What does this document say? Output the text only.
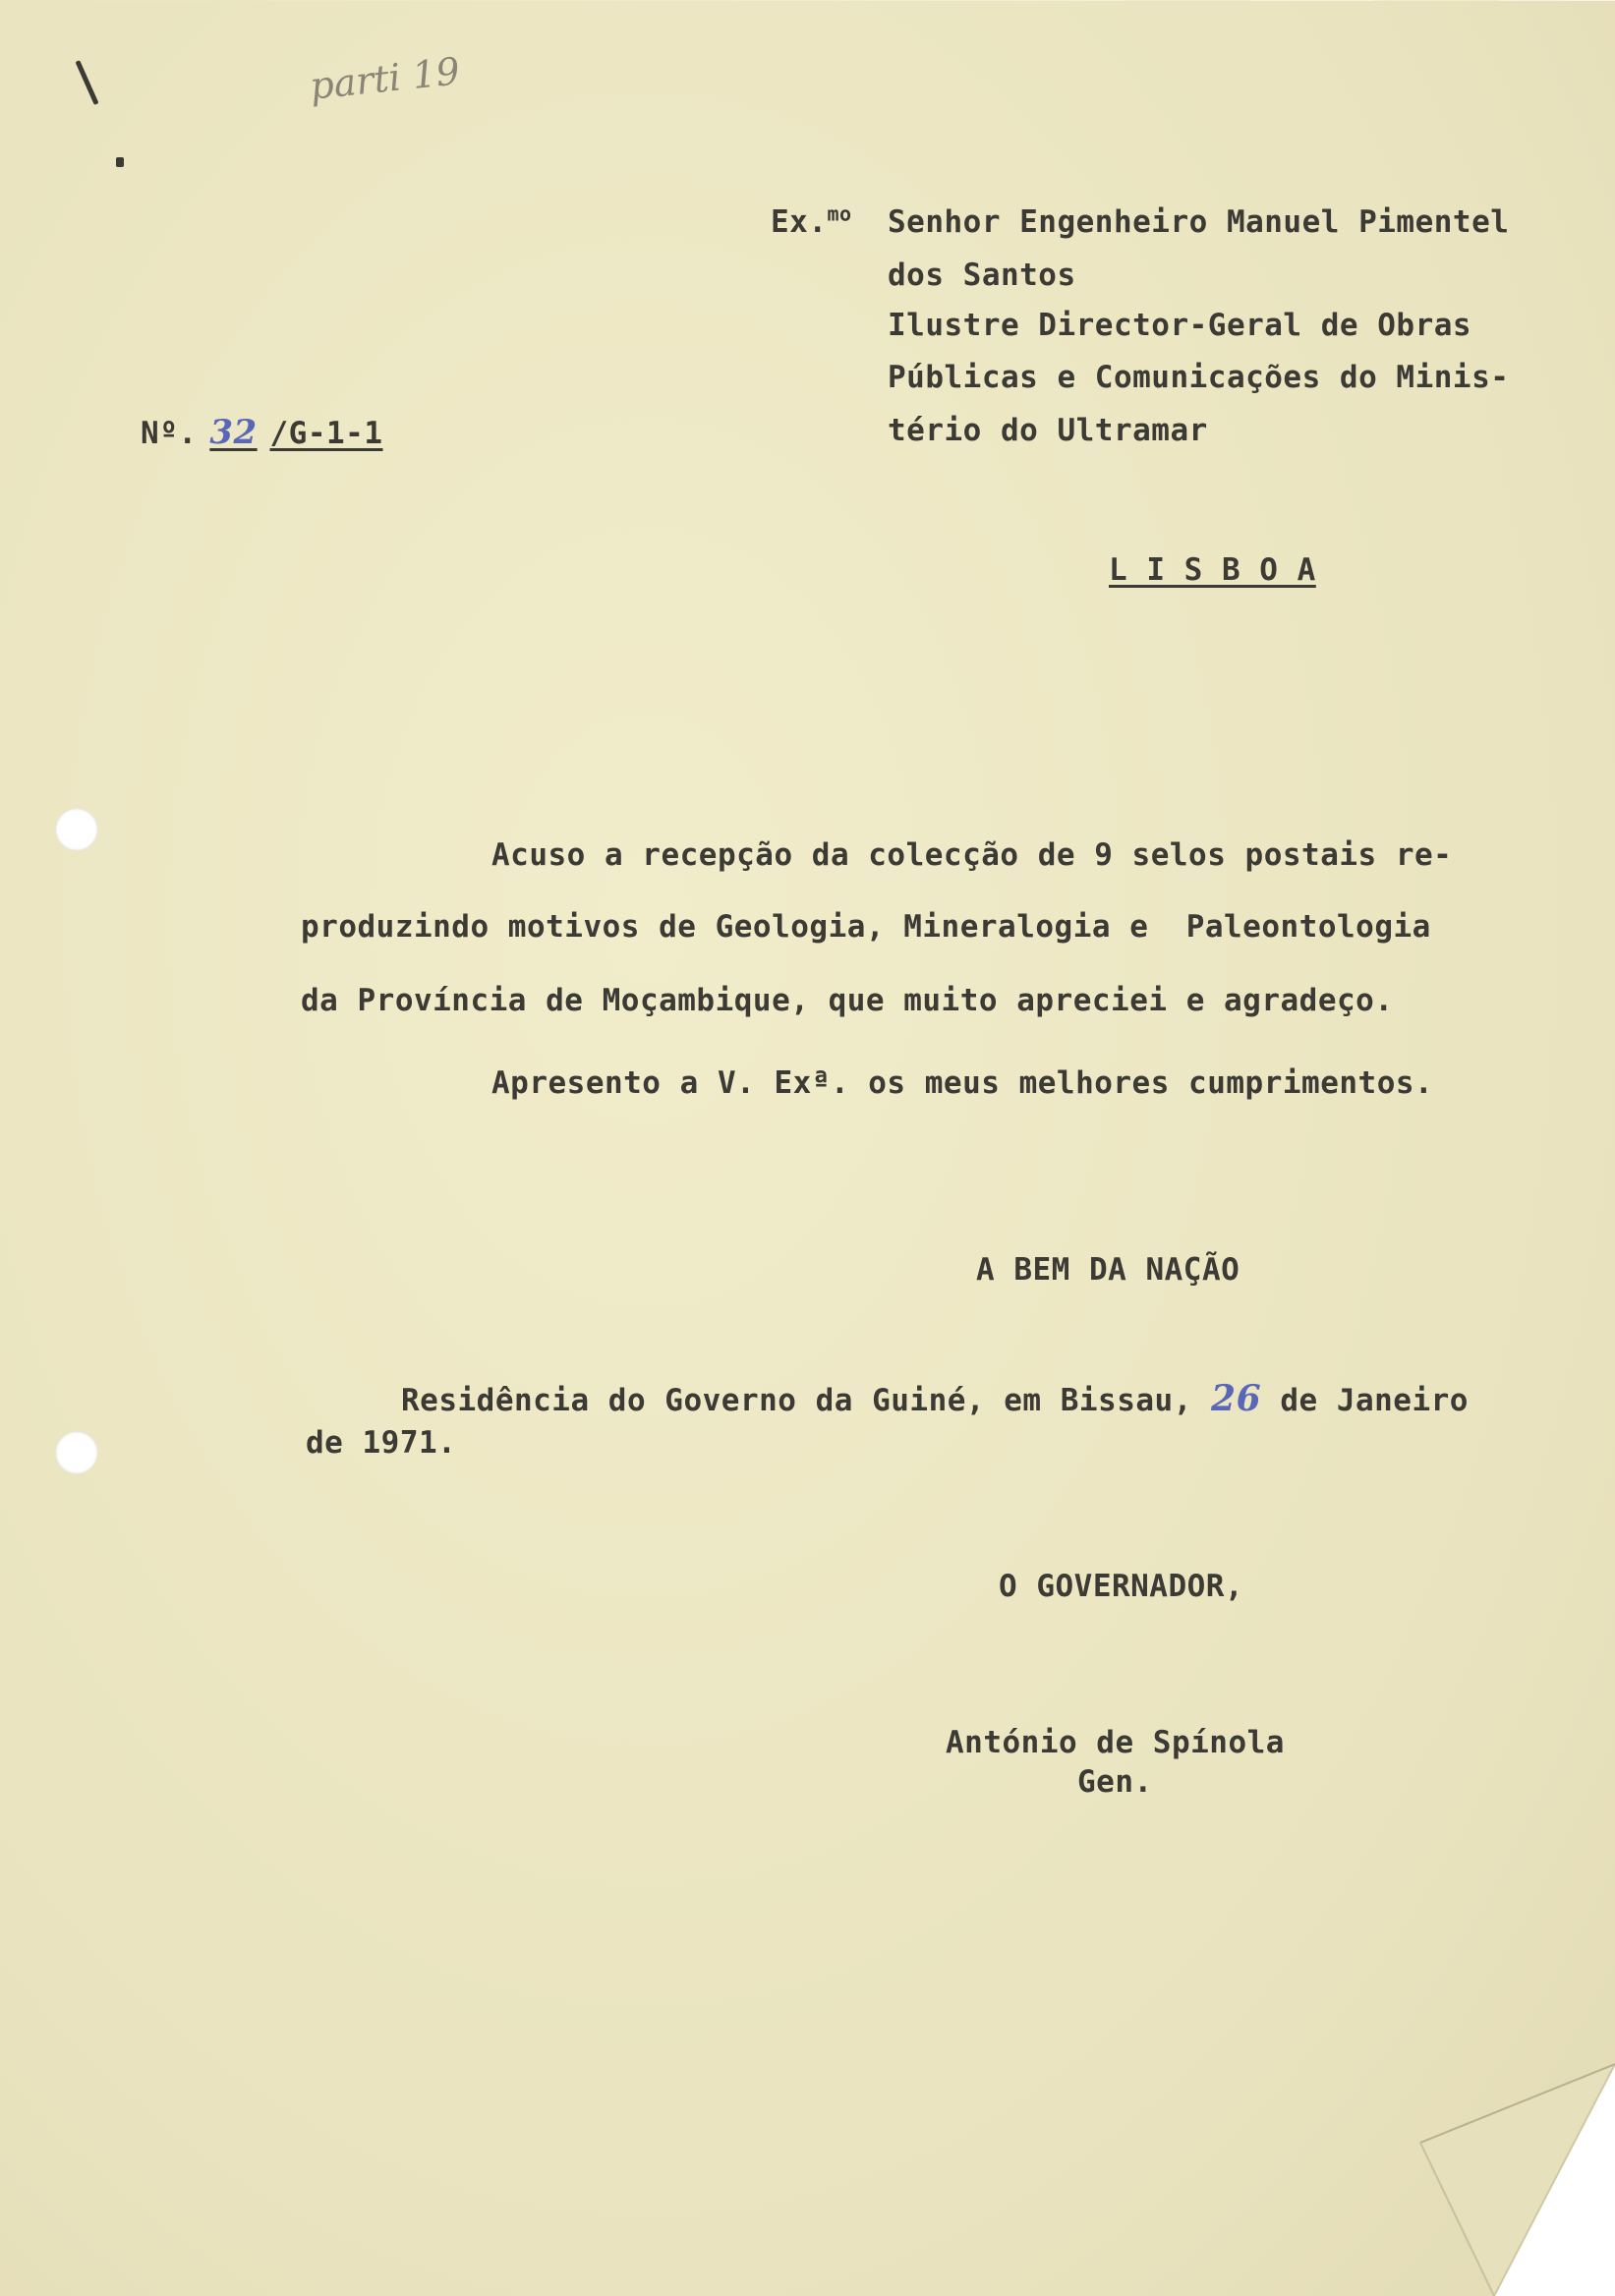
parti 19

Ex.$^{mo}$ Senhor Engenheiro Manuel Pimentel

dos Santos

Ilustre Director-Geral de Obras

Públicas e Comunicações do Minis-

tério do Ultramar

Nº. 32 /G-1-1

L I S B O A

Acuso a recepção da colecção de 9 selos postais re-

produzindo motivos de Geologia, Mineralogia e  Paleontologia

da Província de Moçambique, que muito apreciei e agradeço.

Apresento a V. Exª. os meus melhores cumprimentos.

A BEM DA NAÇÃO

Residência do Governo da Guiné, em Bissau, 26 de Janeiro

de 1971.

O GOVERNADOR,

António de Spínola

Gen.
